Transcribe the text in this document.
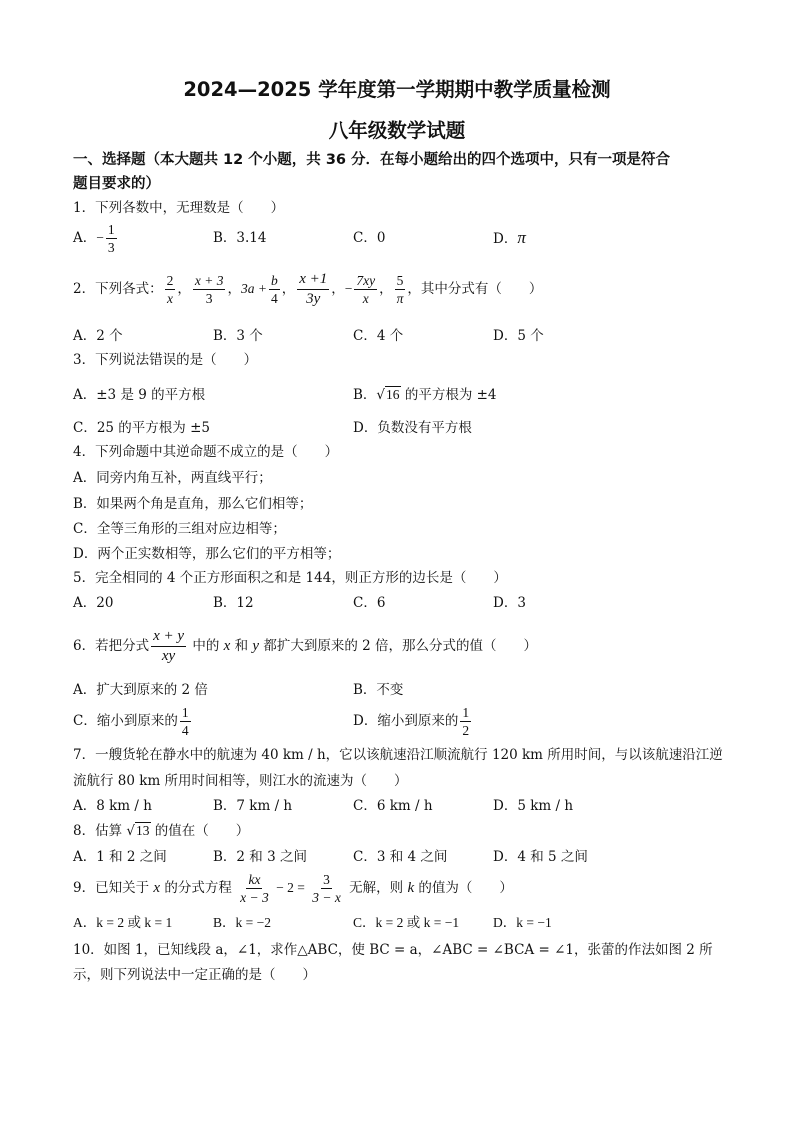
2024—2025 学年度第一学期期中教学质量检测
八年级数学试题
一、选择题（本大题共 12 个小题，共 36 分．在每小题给出的四个选项中，只有一项是符合
题目要求的）
1．下列各数中，无理数是（　　）
A．− $\frac{1}{3}$	B．3.14	C．0	D．π
2．下列各式： $\frac{2}{x}$ ， $\frac{x + 3}{3}$ ，$3a + \frac{b}{4}$ ， $\frac{x +1}{3y}$ ，− $\frac{7xy}{x}$ ， $\frac{5}{\pi}$ ，其中分式有（　　）
A．2 个	B．3 个	C．4 个	D．5 个
3．下列说法错误的是（　　）
A．±3 是 9 的平方根	B．√16 的平方根为 ±4
C．25 的平方根为 ±5	D．负数没有平方根
4．下列命题中其逆命题不成立的是（　　）
A．同旁内角互补，两直线平行；
B．如果两个角是直角，那么它们相等；
C．全等三角形的三组对应边相等；
D．两个正实数相等，那么它们的平方相等；
5．完全相同的 4 个正方形面积之和是 144，则正方形的边长是（　　）
A．20	B．12	C．6	D．3
6．若把分式 $\frac{x + y}{xy}$ 中的 x 和 y 都扩大到原来的 2 倍，那么分式的值（　　）
A．扩大到原来的 2 倍	B．不变
C．缩小到原来的 $\frac{1}{4}$	D．缩小到原来的 $\frac{1}{2}$
7．一艘货轮在静水中的航速为 40 km / h，它以该航速沿江顺流航行 120 km 所用时间，与以该航速沿江逆
流航行 80 km 所用时间相等，则江水的流速为（　　）
A．8 km / h	B．7 km / h	C．6 km / h	D．5 km / h
8．估算 √13 的值在（　　）
A．1 和 2 之间	B．2 和 3 之间	C．3 和 4 之间	D．4 和 5 之间
9．已知关于 x 的分式方程 $\frac{kx}{x - 3} - 2 = \frac{3}{3 - x}$ 无解，则 k 的值为（　　）
A．k = 2 或 k = 1	B．k = −2	C．k = 2 或 k = −1	D．k = −1
10．如图 1，已知线段 a，∠1，求作△ABC，使 BC = a，∠ABC = ∠BCA = ∠1，张蕾的作法如图 2 所
示，则下列说法中一定正确的是（　　）
